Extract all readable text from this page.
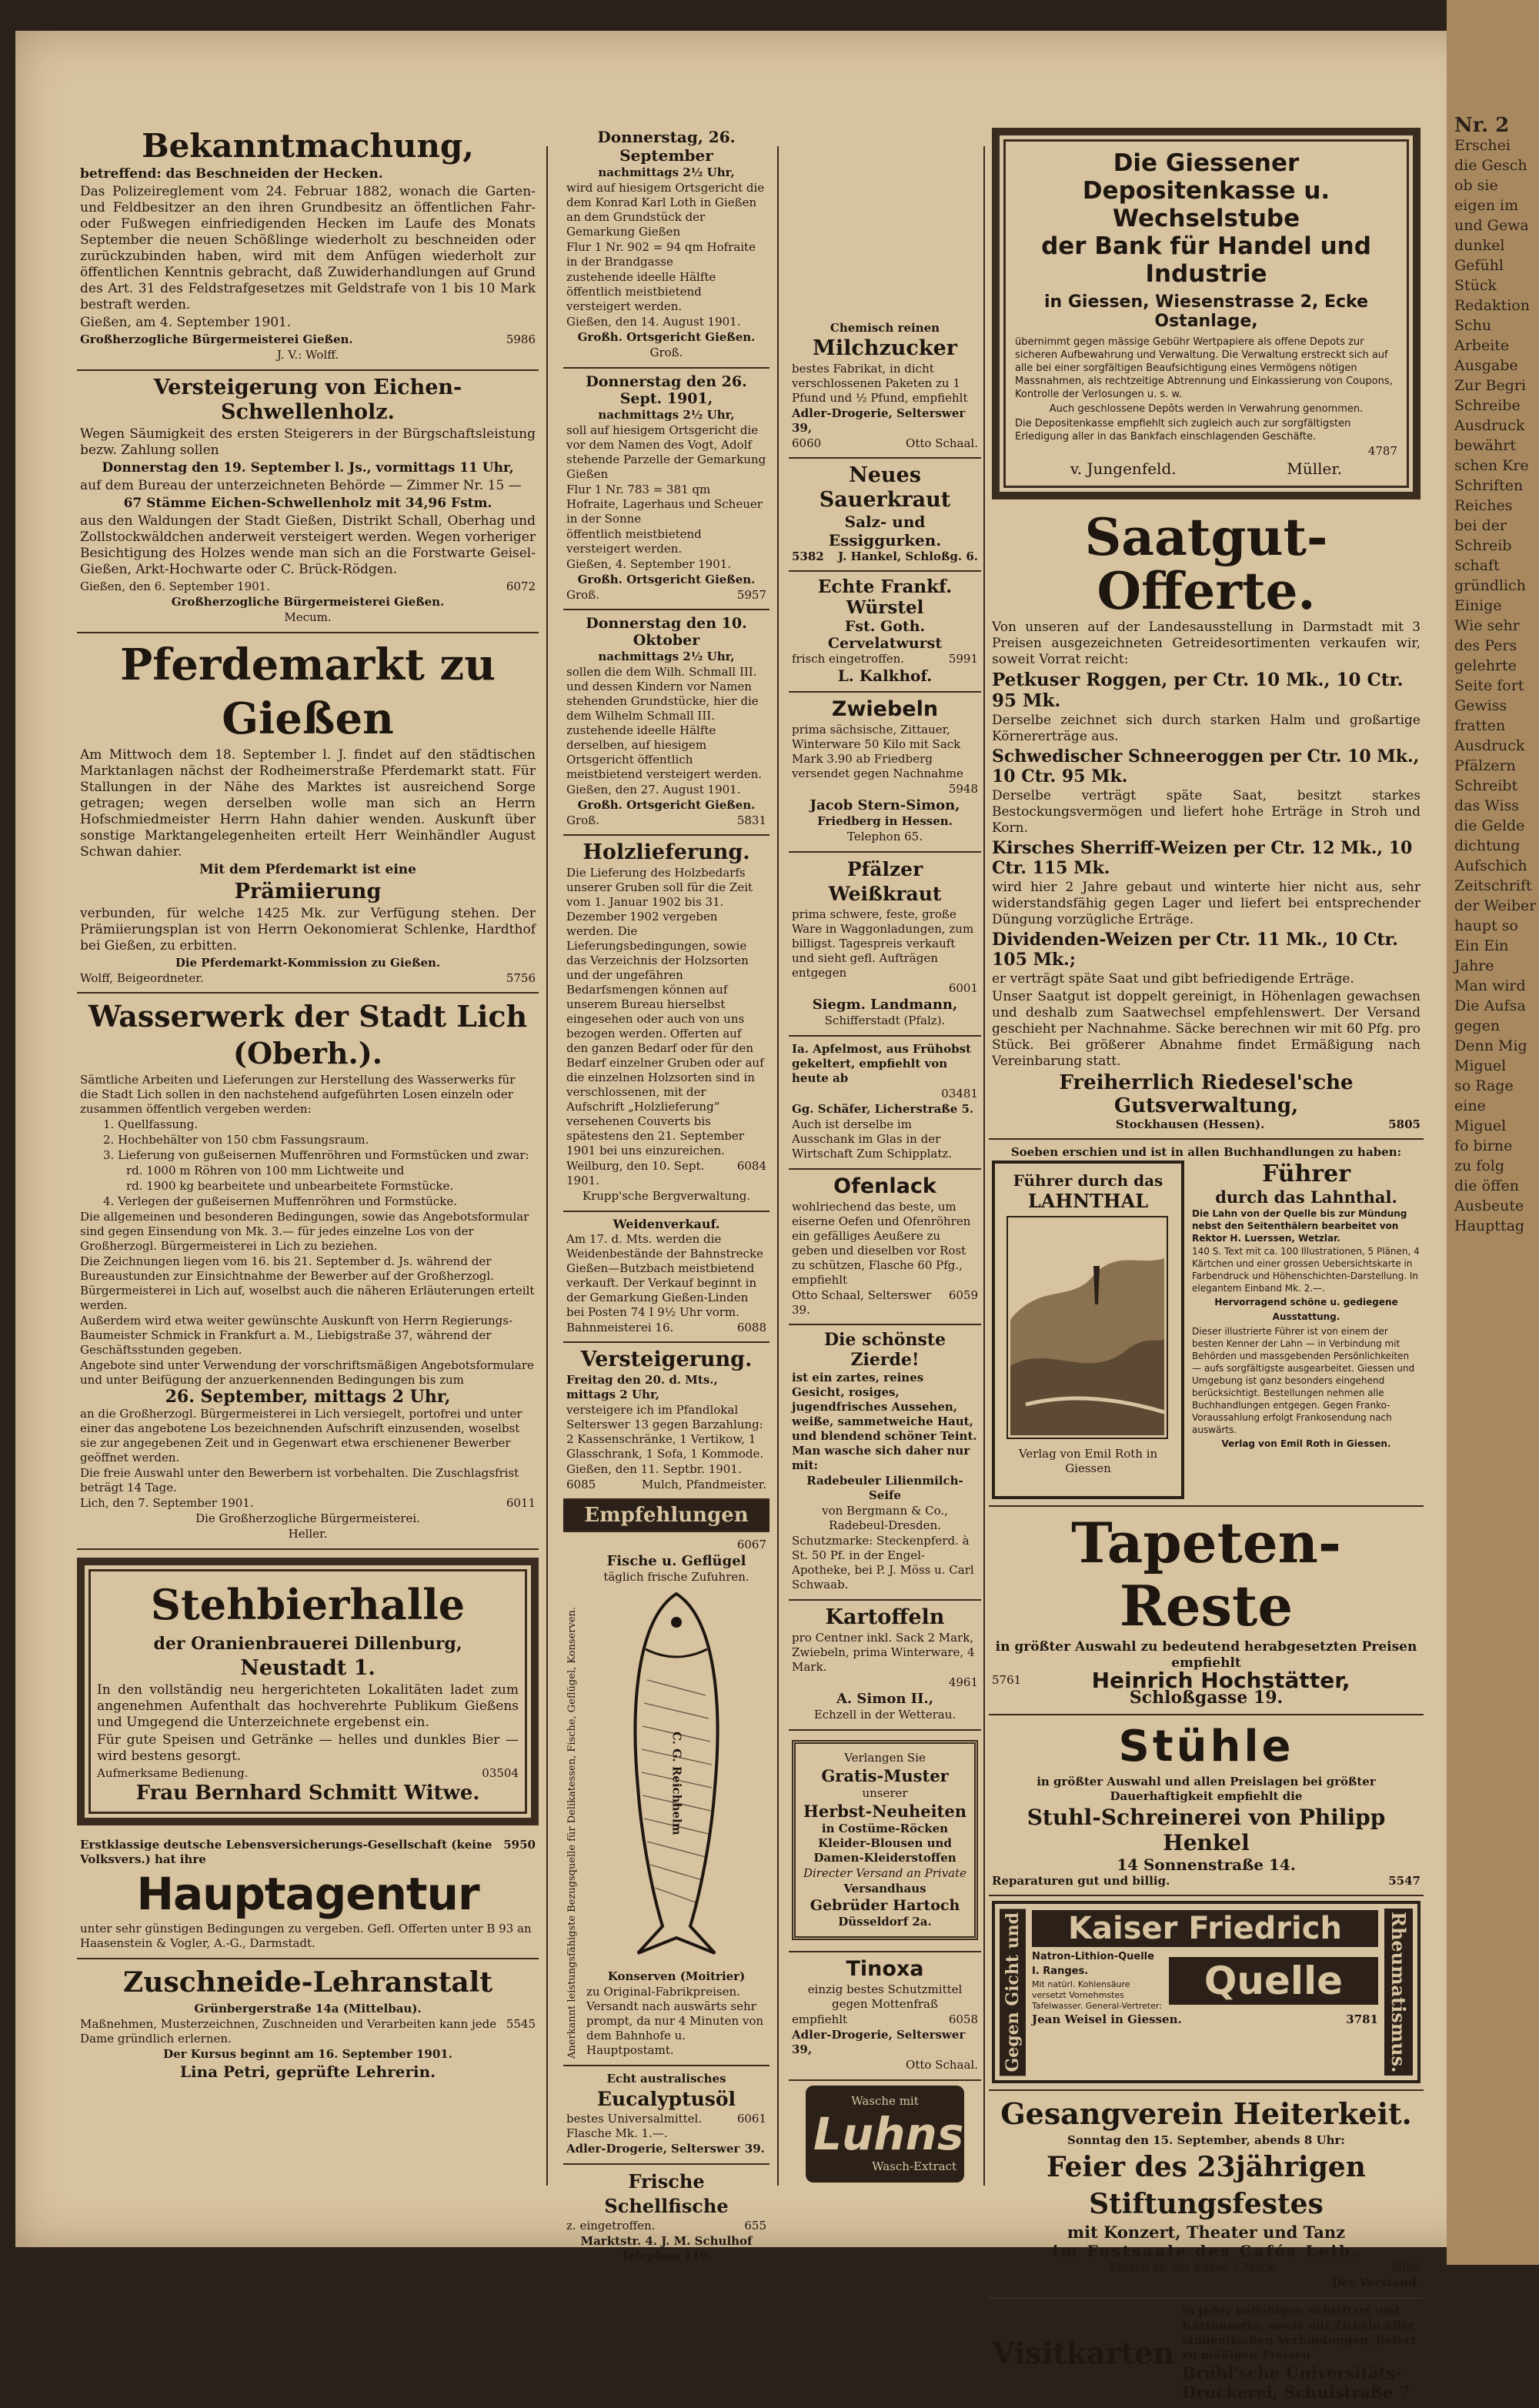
Bekanntmachung,
betreffend: das Beschneiden der Hecken.
Das Polizeireglement vom 24. Februar 1882, wonach die Garten- und Feldbesitzer an den ihren Grundbesitz an öffentlichen Fahr- oder Fußwegen einfriedigenden Hecken im Laufe des Monats September die neuen Schößlinge wiederholt zu beschneiden oder zurückzubinden haben, wird mit dem Anfügen wiederholt zur öffentlichen Kenntnis gebracht, daß Zuwiderhandlungen auf Grund des Art. 31 des Feldstrafgesetzes mit Geldstrafe von 1 bis 10 Mark bestraft werden.
Gießen, am 4. September 1901.
Großherzogliche Bürgermeisterei Gießen.	5986
J. V.: Wolff.
Versteigerung von Eichen-Schwellenholz.
Wegen Säumigkeit des ersten Steigerers in der Bürgschaftsleistung bezw. Zahlung sollen
Donnerstag den 19. September l. Js., vormittags 11 Uhr,
auf dem Bureau der unterzeichneten Behörde — Zimmer Nr. 15 —
67 Stämme Eichen-Schwellenholz mit 34,96 Fstm.
aus den Waldungen der Stadt Gießen, Distrikt Schall, Oberhag und Zollstockwäldchen anderweit versteigert werden. Wegen vorheriger Besichtigung des Holzes wende man sich an die Forstwarte Geisel-Gießen, Arkt-Hochwarte oder C. Brück-Rödgen.
Gießen, den 6. September 1901.	6072
Großherzogliche Bürgermeisterei Gießen.
Mecum.
Pferdemarkt zu Gießen
Am Mittwoch dem 18. September l. J. findet auf den städtischen Marktanlagen nächst der Rodheimerstraße Pferdemarkt statt. Für Stallungen in der Nähe des Marktes ist ausreichend Sorge getragen; wegen derselben wolle man sich an Herrn Hofschmiedmeister Herrn Hahn dahier wenden. Auskunft über sonstige Marktangelegenheiten erteilt Herr Weinhändler August Schwan dahier.
Mit dem Pferdemarkt ist eine
Prämiierung
verbunden, für welche 1425 Mk. zur Verfügung stehen. Der Prämiierungsplan ist von Herrn Oekonomierat Schlenke, Hardthof bei Gießen, zu erbitten.
Die Pferdemarkt-Kommission zu Gießen.
Wolff, Beigeordneter.	5756
Wasserwerk der Stadt Lich (Oberh.).
Sämtliche Arbeiten und Lieferungen zur Herstellung des Wasserwerks für die Stadt Lich sollen in den nachstehend aufgeführten Losen einzeln oder zusammen öffentlich vergeben werden:
1. Quellfassung.
2. Hochbehälter von 150 cbm Fassungsraum.
3. Lieferung von gußeisernen Muffenröhren und Formstücken und zwar:
rd. 1000 m Röhren von 100 mm Lichtweite und
rd. 1900 kg bearbeitete und unbearbeitete Formstücke.
4. Verlegen der gußeisernen Muffenröhren und Formstücke.
Die allgemeinen und besonderen Bedingungen, sowie das Angebotsformular sind gegen Einsendung von Mk. 3.— für jedes einzelne Los von der Großherzogl. Bürgermeisterei in Lich zu beziehen.
Die Zeichnungen liegen vom 16. bis 21. September d. Js. während der Bureaustunden zur Einsichtnahme der Bewerber auf der Großherzogl. Bürgermeisterei in Lich auf, woselbst auch die näheren Erläuterungen erteilt werden.
Außerdem wird etwa weiter gewünschte Auskunft von Herrn Regierungs-Baumeister Schmick in Frankfurt a. M., Liebigstraße 37, während der Geschäftsstunden gegeben.
Angebote sind unter Verwendung der vorschriftsmäßigen Angebotsformulare und unter Beifügung der anzuerkennenden Bedingungen bis zum
26. September, mittags 2 Uhr,
an die Großherzogl. Bürgermeisterei in Lich versiegelt, portofrei und unter einer das angebotene Los bezeichnenden Aufschrift einzusenden, woselbst sie zur angegebenen Zeit und in Gegenwart etwa erschienener Bewerber geöffnet werden.
Die freie Auswahl unter den Bewerbern ist vorbehalten. Die Zuschlagsfrist beträgt 14 Tage.
Lich, den 7. September 1901.	6011
Die Großherzogliche Bürgermeisterei.
Heller.
Stehbierhalle
der Oranienbrauerei Dillenburg,
Neustadt 1.
In den vollständig neu hergerichteten Lokalitäten ladet zum angenehmen Aufenthalt das hochverehrte Publikum Gießens und Umgegend die Unterzeichnete ergebenst ein.
Für gute Speisen und Getränke — helles und dunkles Bier — wird bestens gesorgt.
Aufmerksame Bedienung.	03504
Frau Bernhard Schmitt Witwe.
Erstklassige deutsche Lebensversicherungs-Gesellschaft (keine Volksvers.) hat ihre
5950
Hauptagentur
unter sehr günstigen Bedingungen zu vergeben. Gefl. Offerten unter B 93 an Haasenstein & Vogler, A.-G., Darmstadt.
Zuschneide-Lehranstalt
Grünbergerstraße 14a (Mittelbau).
Maßnehmen, Musterzeichnen, Zuschneiden und Verarbeiten kann jede Dame gründlich erlernen.
5545
Der Kursus beginnt am 16. September 1901.
Lina Petri, geprüfte Lehrerin.
Donnerstag, 26. September
nachmittags 2½ Uhr,
wird auf hiesigem Ortsgericht die dem Konrad Karl Loth in Gießen an dem Grundstück der Gemarkung Gießen
Flur 1 Nr. 902 = 94 qm Hofraite in der Brandgasse
zustehende ideelle Hälfte öffentlich meistbietend versteigert werden.
Gießen, den 14. August 1901.
Großh. Ortsgericht Gießen.
Groß.
Donnerstag den 26. Sept. 1901,
nachmittags 2½ Uhr,
soll auf hiesigem Ortsgericht die vor dem Namen des Vogt, Adolf stehende Parzelle der Gemarkung Gießen
Flur 1 Nr. 783 = 381 qm Hofraite, Lagerhaus und Scheuer in der Sonne
öffentlich meistbietend versteigert werden.
Gießen, 4. September 1901.
Großh. Ortsgericht Gießen.
Groß.	5957
Donnerstag den 10. Oktober
nachmittags 2½ Uhr,
sollen die dem Wilh. Schmall III. und dessen Kindern vor Namen stehenden Grundstücke, hier die dem Wilhelm Schmall III. zustehende ideelle Hälfte derselben, auf hiesigem Ortsgericht öffentlich meistbietend versteigert werden.
Gießen, den 27. August 1901.
Großh. Ortsgericht Gießen.
Groß.	5831
Holzlieferung.
Die Lieferung des Holzbedarfs unserer Gruben soll für die Zeit vom 1. Januar 1902 bis 31. Dezember 1902 vergeben werden. Die Lieferungsbedingungen, sowie das Verzeichnis der Holzsorten und der ungefähren Bedarfsmengen können auf unserem Bureau hierselbst eingesehen oder auch von uns bezogen werden. Offerten auf den ganzen Bedarf oder für den Bedarf einzelner Gruben oder auf die einzelnen Holzsorten sind in verschlossenen, mit der Aufschrift „Holzlieferung“ versehenen Couverts bis spätestens den 21. September 1901 bei uns einzureichen.
Weilburg, den 10. Sept. 1901.
6084
Krupp'sche Bergverwaltung.
Weidenverkauf.
Am 17. d. Mts. werden die Weidenbestände der Bahnstrecke Gießen—Butzbach meistbietend verkauft. Der Verkauf beginnt in der Gemarkung Gießen-Linden bei Posten 74 I 9½ Uhr vorm.
Bahnmeisterei 16.	6088
Versteigerung.
Freitag den 20. d. Mts., mittags 2 Uhr,
versteigere ich im Pfandlokal Selterswег 13 gegen Barzahlung: 2 Kassenschränke, 1 Vertikow, 1 Glasschrank, 1 Sofa, 1 Kommode.
Gießen, den 11. Septbr. 1901.
6085	Mulch, Pfandmeister.
Empfehlungen
Anerkannt leistungsfähigste Bezugsquelle für Delikatessen, Fische, Geflügel, Konserven.
6067
Fische u. Geflügel
täglich frische Zufuhren.
C. G. Reichhelm
Konserven (Moitrier)
zu Original-Fabrikpreisen. Versandt nach auswärts sehr prompt, da nur 4 Minuten von dem Bahnhofe u. Hauptpostamt.
Echt australisches
Eucalyptusöl
bestes Universalmittel. Flasche Mk. 1.—.
6061
Adler-Drogerie, Selterswег 39.
Frische Schellfische
z. eingetroffen.	655
Marktstr. 4. J. M. Schulhof Telephon 119.
Chemisch reinen
Milchzucker
bestes Fabrikat, in dicht verschlossenen Paketen zu 1 Pfund und ½ Pfund, empfiehlt
Adler-Drogerie, Selterswег 39,
6060	Otto Schaal.
Neues Sauerkraut
Salz- und Essiggurken.
5382 J. Hankel, Schloßg. 6.
Echte Frankf. Würstel
Fst. Goth. Cervelatwurst
frisch eingetroffen.	5991
L. Kalkhof.
Zwiebeln
prima sächsische, Zittauer, Winterware 50 Kilo mit Sack Mark 3.90 ab Friedberg versendet gegen Nachnahme
5948
Jacob Stern-Simon,
Friedberg in Hessen.
Telephon 65.
Pfälzer Weißkraut
prima schwere, feste, große Ware in Waggonladungen, zum billigst. Tagespreis verkauft und sieht gefl. Aufträgen entgegen
6001
Siegm. Landmann,
Schifferstadt (Pfalz).
Ia. Apfelmost, aus Frühobst gekeltert, empfiehlt von heute ab
03481
Gg. Schäfer, Licherstraße 5.
Auch ist derselbe im Ausschank im Glas in der Wirtschaft Zum Schipplatz.
Ofenlack
wohlriechend das beste, um eiserne Oefen und Ofenröhren ein gefälliges Aeußere zu geben und dieselben vor Rost zu schützen, Flasche 60 Pfg., empfiehlt
Otto Schaal, Selterswег 39.
6059
Die schönste Zierde!
ist ein zartes, reines Gesicht, rosiges, jugendfrisches Aussehen, weiße, sammetweiche Haut, und blendend schöner Teint. Man wasche sich daher nur mit:
Radebeuler Lilienmilch-Seife
von Bergmann & Co., Radebeul-Dresden.
Schutzmarke: Steckenpferd. à St. 50 Pf. in der Engel-Apotheke, bei P. J. Möss u. Carl Schwaab.
Kartoffeln
pro Centner inkl. Sack 2 Mark, Zwiebeln, prima Winterware, 4 Mark.
4961
A. Simon II.,
Echzell in der Wetterau.
Verlangen Sie
Gratis-Muster
unserer
Herbst-Neuheiten
in Costüme-Röcken Kleider-Blousen und Damen-Kleiderstoffen
Directer Versand an Private
Versandhaus
Gebrüder Hartoch
Düsseldorf 2a.
Tinoxa
einzig bestes Schutzmittel gegen Mottenfraß
empfiehlt	6058
Adler-Drogerie, Selterswег 39,
Otto Schaal.
Wasche mit
Luhns
Wasch-Extract
Die Giessener Depositenkasse u. Wechselstube
der Bank für Handel und Industrie
in Giessen, Wiesenstrasse 2, Ecke Ostanlage,
übernimmt gegen mässige Gebühr Wertpapiere als offene Depots zur sicheren Aufbewahrung und Verwaltung. Die Verwaltung erstreckt sich auf alle bei einer sorgfältigen Beaufsichtigung eines Vermögens nötigen Massnahmen, als rechtzeitige Abtrennung und Einkassierung von Coupons, Kontrolle der Verlosungen u. s. w.
Auch geschlossene Depôts werden in Verwahrung genommen.
Die Depositenkasse empfiehlt sich zugleich auch zur sorgfältigsten Erledigung aller in das Bankfach einschlagenden Geschäfte.
4787
v. Jungenfeld.	Müller.
Saatgut-Offerte.
Von unseren auf der Landesausstellung in Darmstadt mit 3 Preisen ausgezeichneten Getreidesortimenten verkaufen wir, soweit Vorrat reicht:
Petkuser Roggen, per Ctr. 10 Mk., 10 Ctr. 95 Mk.
Derselbe zeichnet sich durch starken Halm und großartige Körnererträge aus.
Schwedischer Schneeroggen per Ctr. 10 Mk., 10 Ctr. 95 Mk.
Derselbe verträgt späte Saat, besitzt starkes Bestockungsvermögen und liefert hohe Erträge in Stroh und Korn.
Kirsches Sherriff-Weizen per Ctr. 12 Mk., 10 Ctr. 115 Mk.
wird hier 2 Jahre gebaut und winterte hier nicht aus, sehr widerstandsfähig gegen Lager und liefert bei entsprechender Düngung vorzügliche Erträge.
Dividenden-Weizen per Ctr. 11 Mk., 10 Ctr. 105 Mk.;
er verträgt späte Saat und gibt befriedigende Erträge.
Unser Saatgut ist doppelt gereinigt, in Höhenlagen gewachsen und deshalb zum Saatwechsel empfehlenswert. Der Versand geschieht per Nachnahme. Säcke berechnen wir mit 60 Pfg. pro Stück. Bei größerer Abnahme findet Ermäßigung nach Vereinbarung statt.
Freiherrlich Riedesel'sche Gutsverwaltung,
Stockhausen (Hessen).	5805
Soeben erschien und ist in allen Buchhandlungen zu haben:
Führer durch das
LAHNTHAL
Verlag von Emil Roth in Giessen
Führer
durch das Lahnthal.
Die Lahn von der Quelle bis zur Mündung nebst den Seitenthälern bearbeitet von Rektor H. Luerssen, Wetzlar.
140 S. Text mit ca. 100 Illustrationen, 5 Plänen, 4 Kärtchen und einer grossen Uebersichtskarte in Farbendruck und Höhenschichten-Darstellung. In elegantem Einband Mk. 2.—.
Hervorragend schöne u. gediegene Ausstattung.
Dieser illustrierte Führer ist von einem der besten Kenner der Lahn — in Verbindung mit Behörden und massgebenden Persönlichkeiten — aufs sorgfältigste ausgearbeitet. Giessen und Umgebung ist ganz besonders eingehend berücksichtigt. Bestellungen nehmen alle Buchhandlungen entgegen. Gegen Franko-Voraussahlung erfolgt Frankosendung nach auswärts.
Verlag von Emil Roth in Giessen.
Tapeten-Reste
in größter Auswahl zu bedeutend herabgesetzten Preisen empfiehlt
5761	Heinrich Hochstätter,
Schloßgasse 19.
Stühle
in größter Auswahl und allen Preislagen bei größter Dauerhaftigkeit empfiehlt die
Stuhl-Schreinerei von Philipp Henkel
14 Sonnenstraße 14.
Reparaturen gut und billig.	5547
Gegen Gicht und	Kaiser Friedrich
Natron-Lithion-Quelle I. Ranges.
Mit natürl. Kohlensäure versetzt Vornehmstes Tafelwasser. General-Vertreter:
Quelle
Jean Weisel in Giessen.	3781 Rheumatismus.
Gesangverein Heiterkeit.
Sonntag den 15. September, abends 8 Uhr:
Feier des 23jährigen Stiftungsfestes
mit Konzert, Theater und Tanz
im Festsaale des Cafés Leib.
Karten an der Kasse 1 Mark	5984
Der Vorstand.
Visitkarten
in jeder beliebigen Schriftart und Kartonsorte, sowie mit Zirkeln aller studentischen Verbindungen, liefert zu mäßigen Preisen
Brühl'sche Universitäts-Druckerei, Schulstraße 7
Nr. 2
Erschei
die Gesch
ob sie
eigen im
und Gewa
dunkel
Gefühl
Stück
Redaktion
Schu
Arbeite
Ausgabe
Zur Begri
Schreibe
Ausdruck
bewährt
schen Kre
Schriften
Reiches
bei der
Schreib
schaft
gründlich
Einige
Wie sehr
des Pers
gelehrte
Seite fort
Gewiss
fratten
Ausdruck
Pfälzern
Schreibt
das Wiss
die Gelde
dichtung
Aufschich
Zeitschrift
der Weiber
haupt so
Ein Ein
Jahre
Man wird
Die Aufsa
gegen
Denn Mig
Miguel
so Rage
eine
Miguel
fo birne
zu folg
die öffen
Ausbeute
Haupttag
